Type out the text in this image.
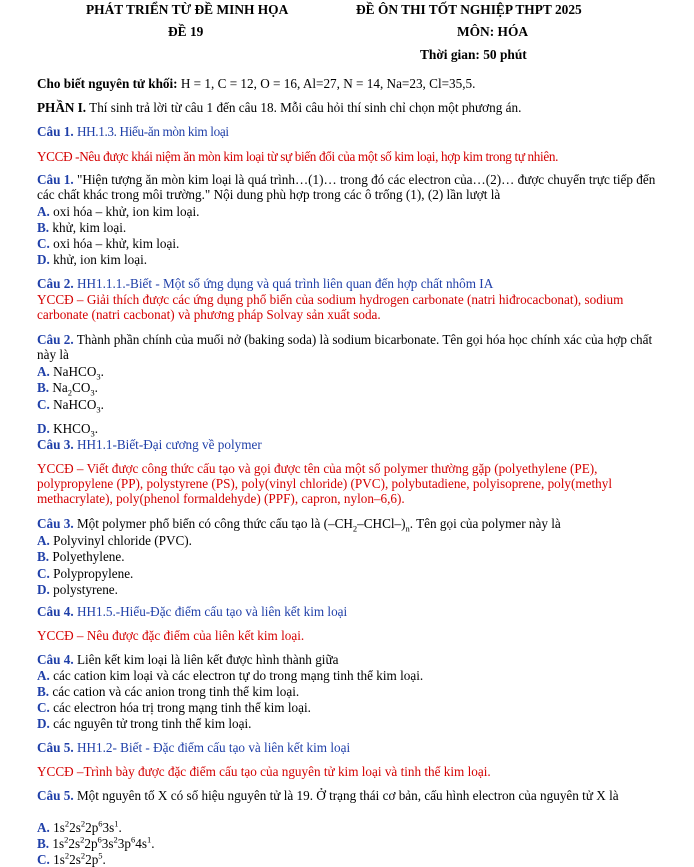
PHÁT TRIỂN TỪ ĐỀ MINH HỌA
ĐỀ 19
ĐỀ ÔN THI TỐT NGHIỆP THPT 2025
MÔN: HÓA
Thời gian: 50 phút
Cho biết nguyên tử khối: H = 1, C = 12, O = 16, Al=27, N = 14, Na=23, Cl=35,5.
PHẦN I. Thí sinh trả lời từ câu 1 đến câu 18. Mỗi câu hỏi thí sinh chỉ chọn một phương án.
Câu 1. HH.1.3. Hiểu-ăn mòn kim loại
YCCĐ -Nêu được khái niệm ăn mòn kim loại từ sự biến đổi của một số kim loại, hợp kim trong tự nhiên.
Câu 1. "Hiện tượng ăn mòn kim loại là quá trình…(1)… trong đó các electron của…(2)… được chuyển trực tiếp đến các chất khác trong môi trường." Nội dung phù hợp trong các ô trống (1), (2) lần lượt là
A. oxi hóa – khử, ion kim loại.
B. khử, kim loại.
C. oxi hóa – khử, kim loại.
D. khử, ion kim loại.
Câu 2. HH1.1.1.-Biết - Một số ứng dụng và quá trình liên quan đến hợp chất nhôm IA
YCCĐ – Giải thích được các ứng dụng phổ biến của sodium hydrogen carbonate (natri hiđrocacbonat), sodium carbonate (natri cacbonat) và phương pháp Solvay sản xuất soda.
Câu 2. Thành phần chính của muối nở (baking soda) là sodium bicarbonate. Tên gọi hóa học chính xác của hợp chất này là
A. NaHCO$_3$.
B. $Na_2CO_3$.
C. NaHCO$_3$.
D. $KHCO_3$.
Câu 3. HH1.1-Biết-Đại cương về polymer
YCCĐ – Viết được công thức cấu tạo và gọi được tên của một số polymer thường gặp (polyethylene (PE), polypropylene (PP), polystyrene (PS), poly(vinyl chloride) (PVC), polybutadiene, polyisoprene, poly(methyl methacrylate), poly(phenol formaldehyde) (PPF), capron, nylon–6,6).
Câu 3. Một polymer phổ biến có công thức cấu tạo là $(-CH_2-CHCl-)_n$. Tên gọi của polymer này là
A. Polyvinyl chloride (PVC).
B. Polyethylene.
C. Polypropylene.
D. polystyrene.
Câu 4. HH1.5.-Hiểu-Đặc điểm cấu tạo và liên kết kim loại
YCCĐ – Nêu được đặc điểm của liên kết kim loại.
Câu 4. Liên kết kim loại là liên kết được hình thành giữa
A. các cation kim loại và các electron tự do trong mạng tinh thể kim loại.
B. các cation và các anion trong tinh thể kim loại.
C. các electron hóa trị trong mạng tinh thể kim loại.
D. các nguyên tử trong tinh thể kim loại.
Câu 5. HH1.2- Biết - Đặc điểm cấu tạo và liên kết kim loại
YCCĐ –Trình bày được đặc điểm cấu tạo của nguyên tử kim loại và tinh thể kim loại.
Câu 5. Một nguyên tố X có số hiệu nguyên tử là 19. Ở trạng thái cơ bản, cấu hình electron của nguyên tử X là
A. $1s^22s^22p^63s^1$.
B. $1s^22s^22p^63s^23p^64s^1$.
C. $1s^22s^22p^5$.
